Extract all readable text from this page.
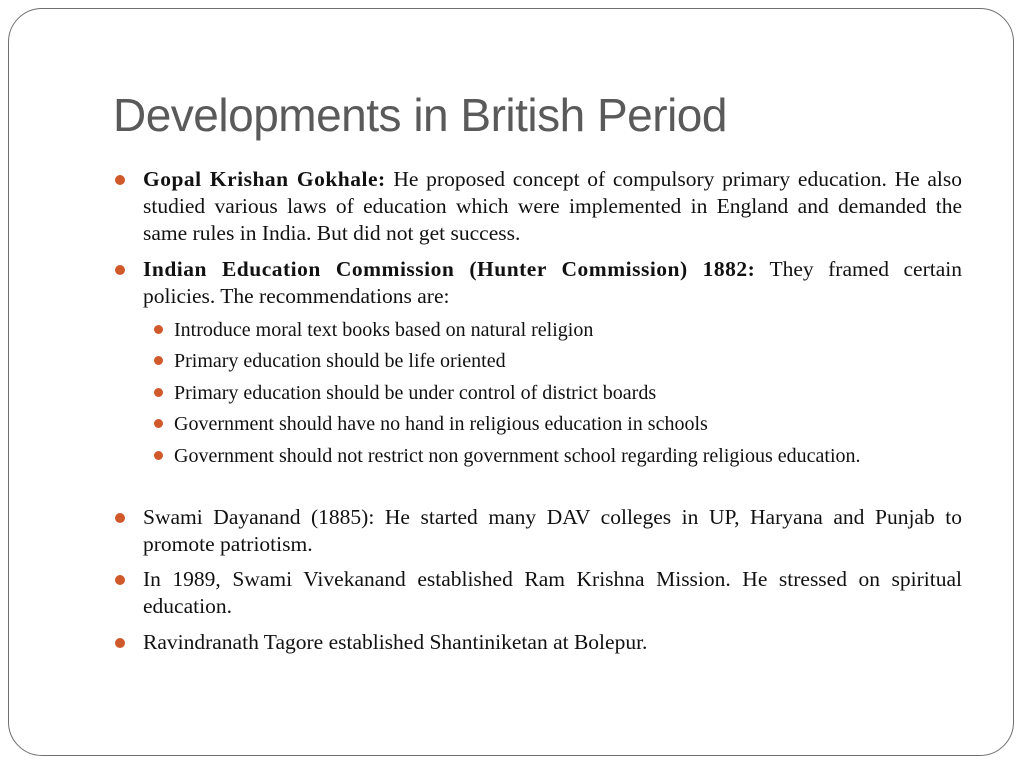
Developments in British Period
Gopal Krishan Gokhale: He proposed concept of compulsory primary education. He also studied various laws of education which were implemented in England and demanded the same rules in India. But did not get success.
Indian Education Commission (Hunter Commission) 1882: They framed certain policies. The recommendations are:
Introduce moral text books based on natural religion
Primary education should be life oriented
Primary education should be under control of district boards
Government should have no hand in religious education in schools
Government should not restrict non government school regarding religious education.
Swami Dayanand (1885): He started many DAV colleges in UP, Haryana and Punjab to promote patriotism.
In 1989, Swami Vivekanand established Ram Krishna Mission. He stressed on spiritual education.
Ravindranath Tagore established Shantiniketan at Bolepur.
